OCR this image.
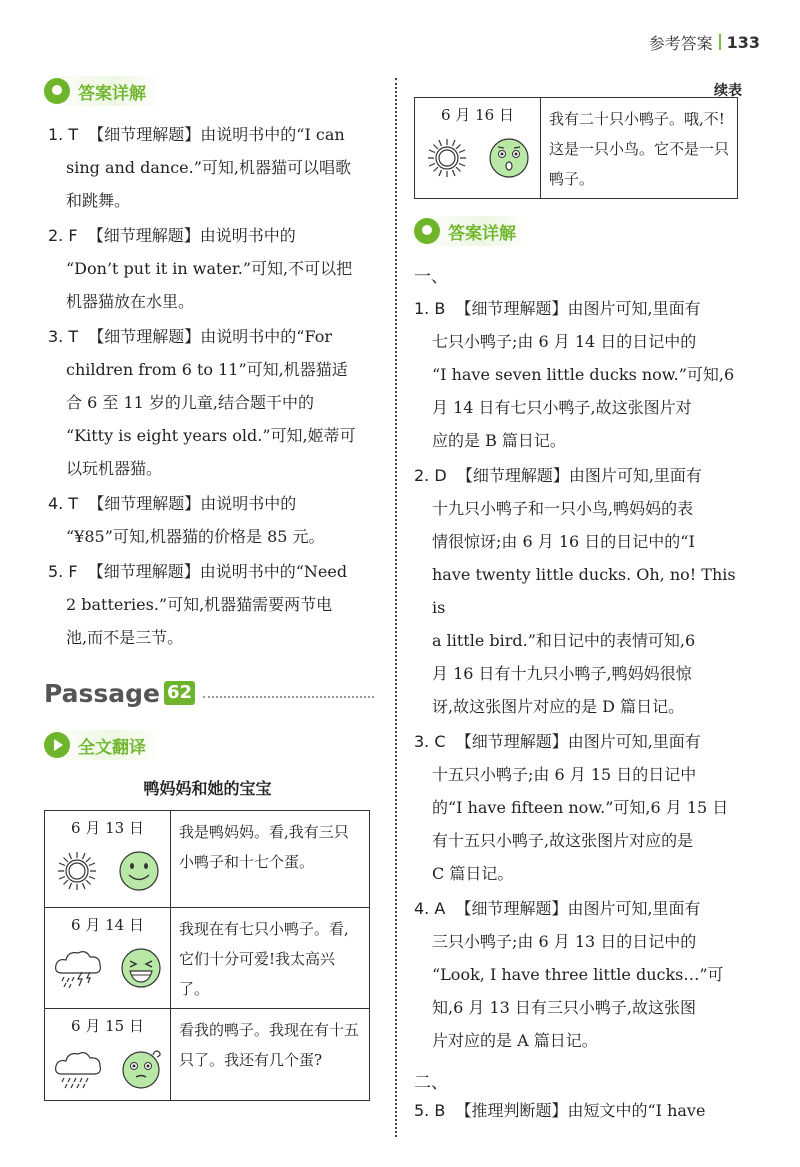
参考答案 133
答案详解
1. T 【细节理解题】由说明书中的“I can
sing and dance.”可知,机器猫可以唱歌
和跳舞。
2. F 【细节理解题】由说明书中的
“Don’t put it in water.”可知,不可以把
机器猫放在水里。
3. T 【细节理解题】由说明书中的“For
children from 6 to 11”可知,机器猫适
合 6 至 11 岁的儿童,结合题干中的
“Kitty is eight years old.”可知,姬蒂可
以玩机器猫。
4. T 【细节理解题】由说明书中的
“¥85”可知,机器猫的价格是 85 元。
5. F 【细节理解题】由说明书中的“Need
2 batteries.”可知,机器猫需要两节电
池,而不是三节。
Passage 62
全文翻译
鸭妈妈和她的宝宝
6 月 13 日	我是鸭妈妈。看,我有三只小鸭子和十七个蛋。

6 月 14 日	我现在有七只小鸭子。看,它们十分可爱!我太高兴了。

6 月 15 日	看我的鸭子。我现在有十五只了。我还有几个蛋?
续表
6 月 16 日	我有二十只小鸭子。哦,不!这是一只小鸟。它不是一只鸭子。
答案详解
一、
1. B 【细节理解题】由图片可知,里面有
七只小鸭子;由 6 月 14 日的日记中的
“I have seven little ducks now.”可知,6
月 14 日有七只小鸭子,故这张图片对
应的是 B 篇日记。
2. D 【细节理解题】由图片可知,里面有
十九只小鸭子和一只小鸟,鸭妈妈的表
情很惊讶;由 6 月 16 日的日记中的“I
have twenty little ducks. Oh, no! This is
a little bird.”和日记中的表情可知,6
月 16 日有十九只小鸭子,鸭妈妈很惊
讶,故这张图片对应的是 D 篇日记。
3. C 【细节理解题】由图片可知,里面有
十五只小鸭子;由 6 月 15 日的日记中
的“I have fifteen now.”可知,6 月 15 日
有十五只小鸭子,故这张图片对应的是
C 篇日记。
4. A 【细节理解题】由图片可知,里面有
三只小鸭子;由 6 月 13 日的日记中的
“Look, I have three little ducks…”可
知,6 月 13 日有三只小鸭子,故这张图
片对应的是 A 篇日记。
二、
5. B 【推理判断题】由短文中的“I have
